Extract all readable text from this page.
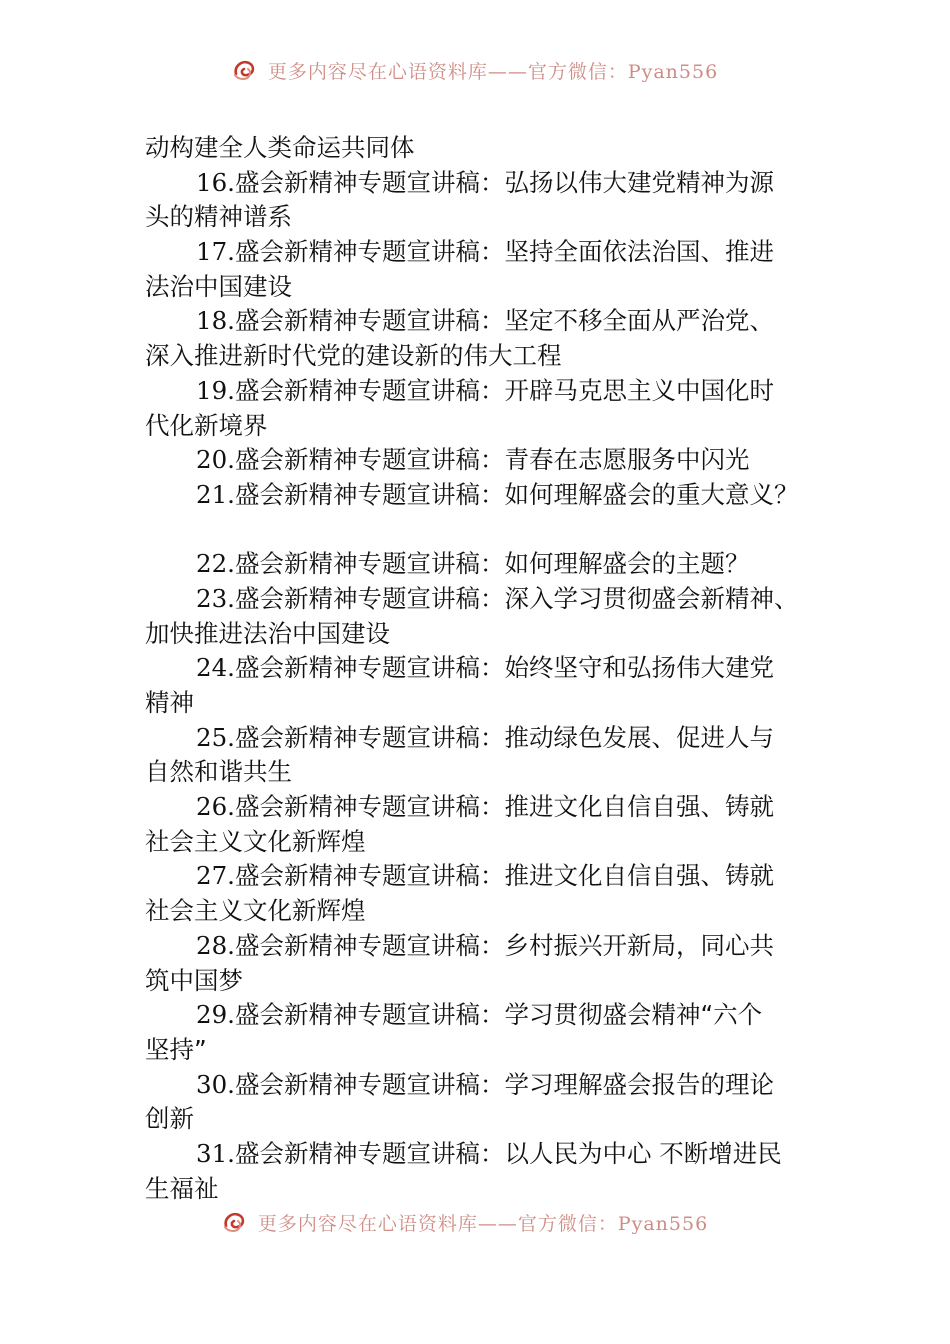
更多内容尽在心语资料库——官方微信：Pyan556
动构建全人类命运共同体
16.盛会新精神专题宣讲稿：弘扬以伟大建党精神为源
头的精神谱系
17.盛会新精神专题宣讲稿：坚持全面依法治国、推进
法治中国建设
18.盛会新精神专题宣讲稿：坚定不移全面从严治党、
深入推进新时代党的建设新的伟大工程
19.盛会新精神专题宣讲稿：开辟马克思主义中国化时
代化新境界
20.盛会新精神专题宣讲稿：青春在志愿服务中闪光
21.盛会新精神专题宣讲稿：如何理解盛会的重大意义？
22.盛会新精神专题宣讲稿：如何理解盛会的主题？
23.盛会新精神专题宣讲稿：深入学习贯彻盛会新精神、
加快推进法治中国建设
24.盛会新精神专题宣讲稿：始终坚守和弘扬伟大建党
精神
25.盛会新精神专题宣讲稿：推动绿色发展、促进人与
自然和谐共生
26.盛会新精神专题宣讲稿：推进文化自信自强、铸就
社会主义文化新辉煌
27.盛会新精神专题宣讲稿：推进文化自信自强、铸就
社会主义文化新辉煌
28.盛会新精神专题宣讲稿：乡村振兴开新局，同心共
筑中国梦
29.盛会新精神专题宣讲稿：学习贯彻盛会精神“六个
坚持”
30.盛会新精神专题宣讲稿：学习理解盛会报告的理论
创新
31.盛会新精神专题宣讲稿：以人民为中心 不断增进民
生福祉
更多内容尽在心语资料库——官方微信：Pyan556
